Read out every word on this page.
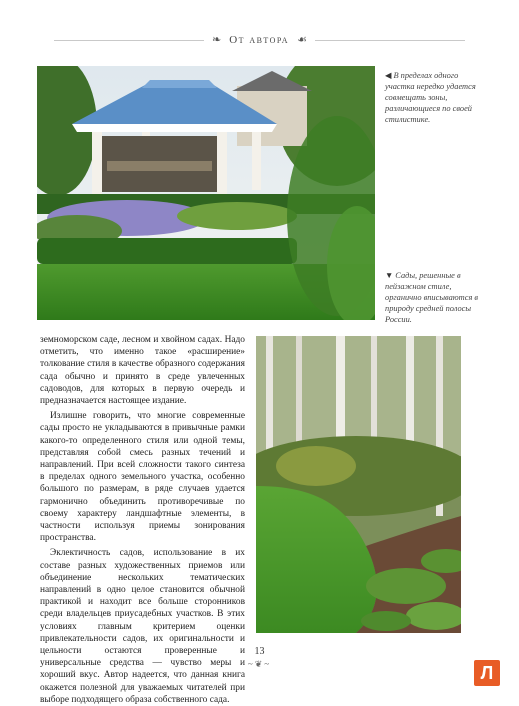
❧ От автора ☙
◀ В пределах одного участка нередко удается совмещать зоны, различающиеся по своей стилистике.
▼ Сады, решенные в пейзажном стиле, органично вписываются в природу средней полосы России.

земноморском саде, лесном и хвойном садах. Надо отметить, что именно такое «расширение» толкование стиля в качестве образного содержания сада обычно и принято в среде увлеченных садоводов, для которых в первую очередь и предназначается настоящее издание.

Излишне говорить, что многие современные сады просто не укладываются в привычные рамки какого-то определенного стиля или одной темы, представляя собой смесь разных течений и направлений. При всей сложности такого синтеза в пределах одного земельного участка, особенно большого по размерам, в ряде случаев удается гармонично объединить противоречивые по своему характеру ландшафтные элементы, в частности используя приемы зонирования пространства.

Эклектичность садов, использование в их составе разных художественных приемов или объединение нескольких тематических направлений в одно целое становится обычной практикой и находит все больше сторонников среди владельцев приусадебных участков. В этих условиях главным критерием оценки привлекательности садов, их оригинальности и цельности остаются проверенные и универсальные средства — чувство меры и хороший вкус. Автор надеется, что данная книга окажется полезной для уважаемых читателей при выборе подходящего образа собственного сада.

13
~❦~	Л
